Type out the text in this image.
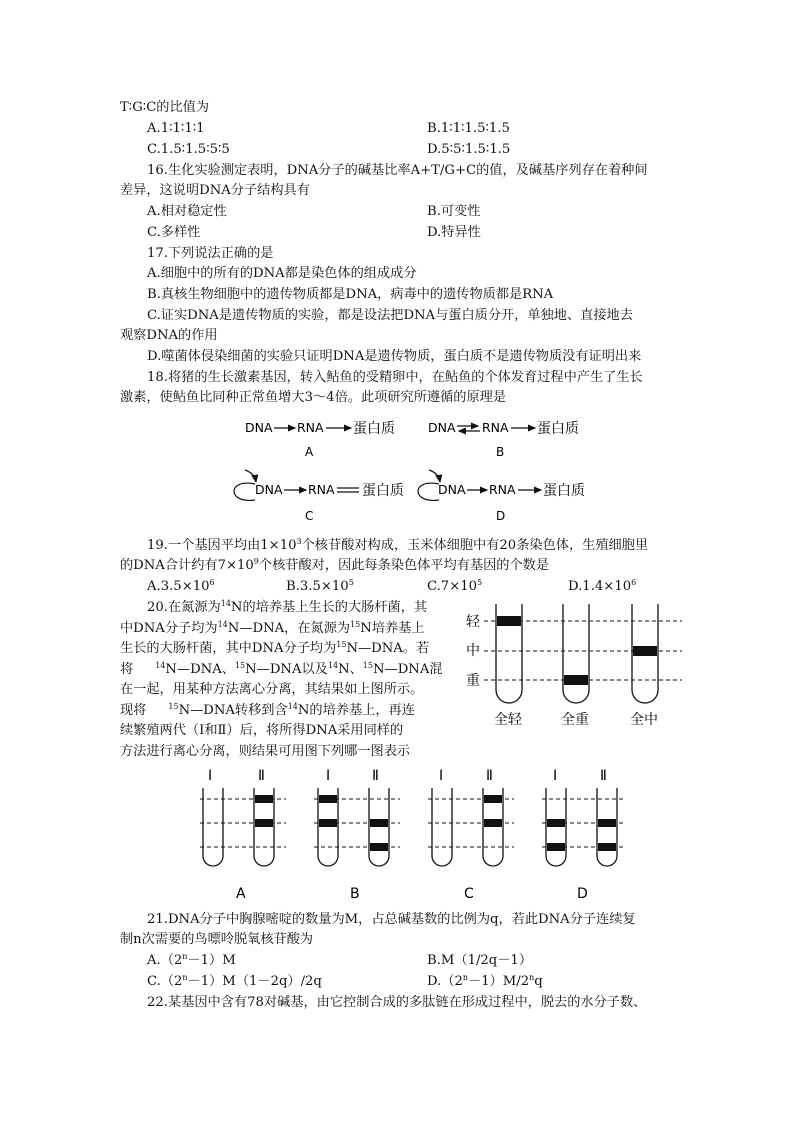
T∶G∶C的比值为
A.1∶1∶1∶1	B.1∶1∶1.5∶1.5
C.1.5∶1.5∶5∶5	D.5∶5∶1.5∶1.5
16.生化实验测定表明，DNA分子的碱基比率A+T/G+C的值，及碱基序列存在着种间
差异，这说明DNA分子结构具有
A.相对稳定性	B.可变性
C.多样性	D.特异性
17.下列说法正确的是
A.细胞中的所有的DNA都是染色体的组成成分
B.真核生物细胞中的遗传物质都是DNA，病毒中的遗传物质都是RNA
C.证实DNA是遗传物质的实验，都是设法把DNA与蛋白质分开，单独地、直接地去
观察DNA的作用
D.噬菌体侵染细菌的实验只证明DNA是遗传物质，蛋白质不是遗传物质没有证明出来
18.将猪的生长激素基因，转入鲇鱼的受精卵中，在鲇鱼的个体发育过程中产生了生长
激素，使鲇鱼比同种正常鱼增大3～4倍。此项研究所遵循的原理是
DNA RNA 蛋白质
A
DNA RNA 蛋白质
B
DNA RNA 蛋白质
C
DNA RNA 蛋白质
D
19.一个基因平均由$1\times 10^3$个核苷酸对构成，玉米体细胞中有20条染色体，生殖细胞里
的DNA合计约有$7\times 10^9$个核苷酸对，因此每条染色体平均有基因的个数是
$A.3.5\times 10^6$	$B.3.5\times 10^5$	$C.7\times 10^5$	$D.1.4\times 10^6$
20.在氮源为$^{14}$N的培养基上生长的大肠杆菌，其
中DNA分子均为$^{14}$N—DNA，在氮源为$^{15}$N培养基上
生长的大肠杆菌，其中DNA分子均为$^{15}$N—DNA。若
将	$^{14}$N—DNA、$^{15}$N—DNA以及$^{14}$N、$^{15}$N—DNA混
在一起，用某种方法离心分离，其结果如上图所示。
现将	$^{15}$N—DNA转移到含$^{14}$N的培养基上，再连
续繁殖两代（Ⅰ和Ⅱ）后，将所得DNA采用同样的
方法进行离心分离，则结果可用图下列哪一图表示
轻
中
重
全轻	全重	全中
Ⅰ	Ⅱ
A
Ⅰ	Ⅱ
B
Ⅰ	Ⅱ
C
Ⅰ	Ⅱ
D
21.DNA分子中胸腺嘧啶的数量为M，占总碱基数的比例为q，若此DNA分子连续复
制n次需要的鸟嘌呤脱氧核苷酸为
$A.(2^n-1)M$	B.M（1/2q－1）
$C.(2^n-1)M(1-2q)/2q$	$D.(2^n-1)M/2^nq$
22.某基因中含有78对碱基，由它控制合成的多肽链在形成过程中，脱去的水分子数、
